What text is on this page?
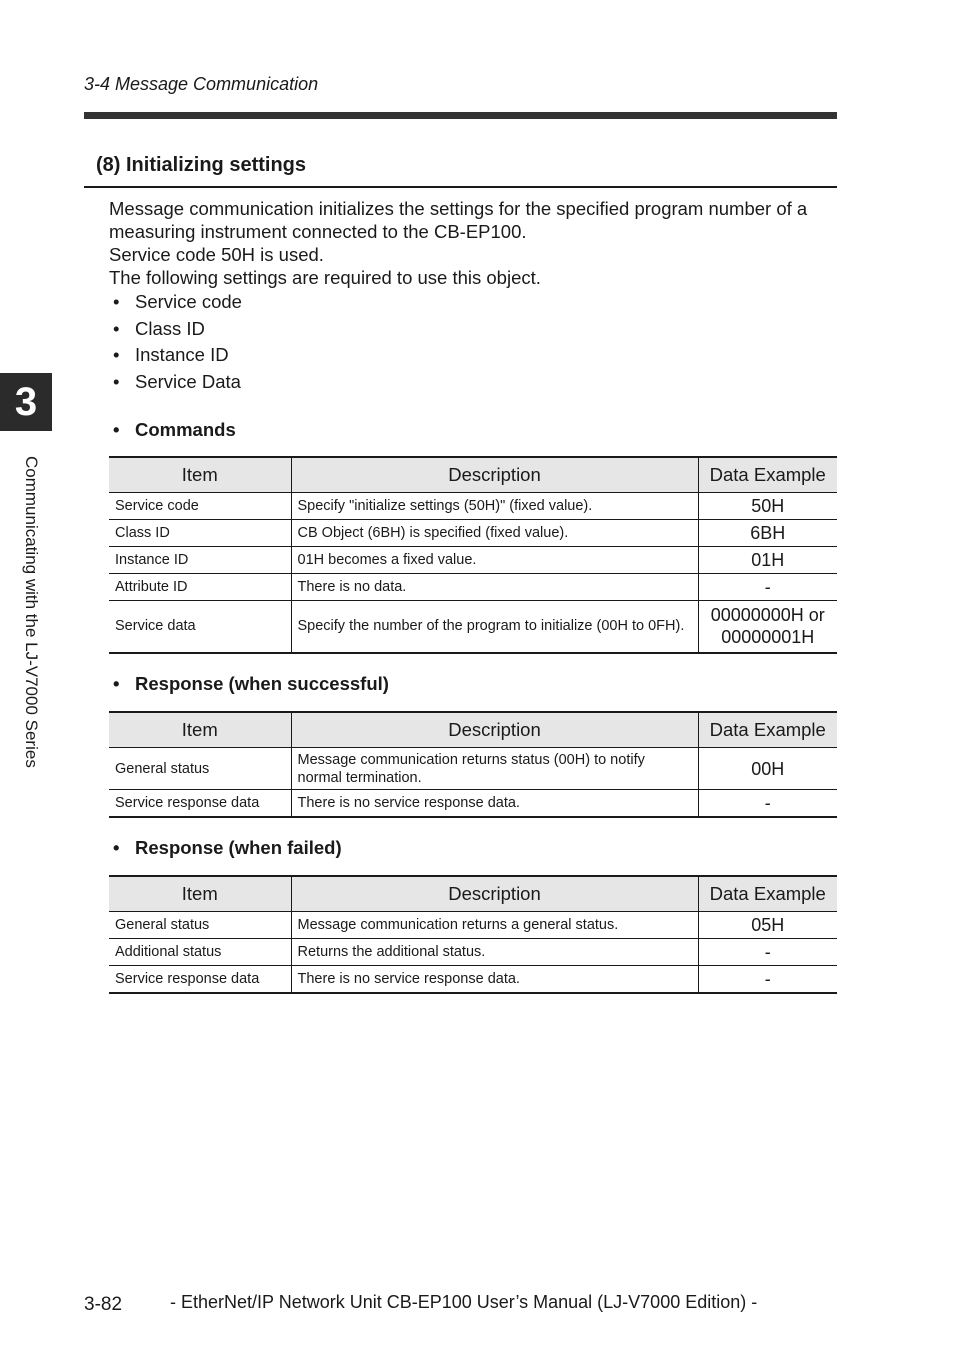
3-4 Message Communication
(8) Initializing settings

Message communication initializes the settings for the specified program number of a measuring instrument connected to the CB-EP100.

Service code 50H is used.

The following settings are required to use this object.

• Service code
• Class ID
• Instance ID
• Service Data
• Commands
Item	Description	Data Example
Service code	Specify "initialize settings (50H)" (fixed value).	50H
Class ID	CB Object (6BH) is specified (fixed value).	6BH
Instance ID	01H becomes a fixed value.	01H
Attribute ID	There is no data.	-
Service data	Specify the number of the program to initialize (00H to 0FH).	00000000H or 00000001H
• Response (when successful)
Item	Description	Data Example
General status	Message communication returns status (00H) to notify normal termination.	00H
Service response data	There is no service response data.	-
• Response (when failed)
Item	Description	Data Example
General status	Message communication returns a general status.	05H
Additional status	Returns the additional status.	-
Service response data	There is no service response data.	-
3
Communicating with the LJ-V7000 Series
3-82	- EtherNet/IP Network Unit CB-EP100 User’s Manual (LJ-V7000 Edition) -
